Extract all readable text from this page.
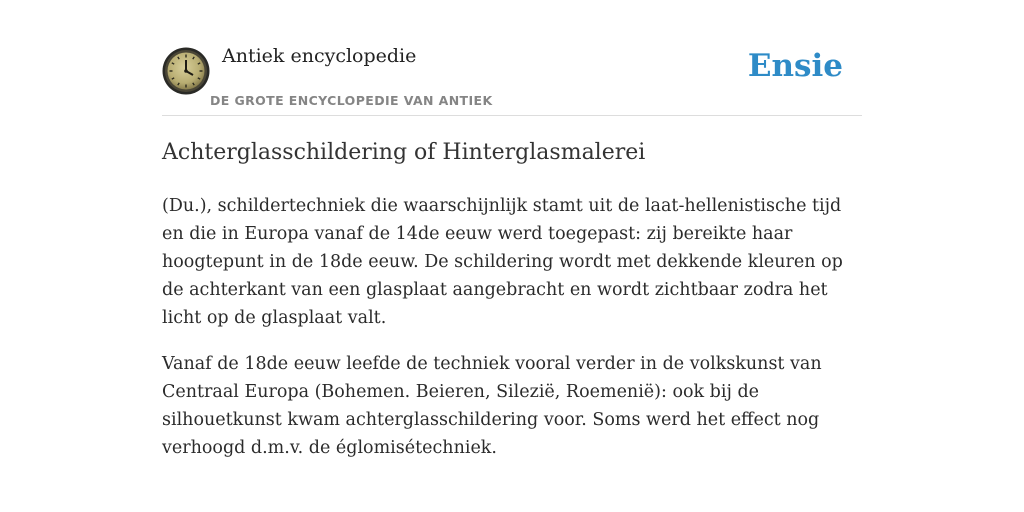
Antiek encyclopedie
DE GROTE ENCYCLOPEDIE VAN ANTIEK
Ensie
Achterglasschildering of Hinterglasmalerei

(Du.), schildertechniek die waarschijnlijk stamt uit de laat-hellenistische tijd en die in Europa vanaf de 14de eeuw werd toegepast: zij bereikte haar hoogtepunt in de 18de eeuw. De schildering wordt met dekkende kleuren op de achterkant van een glasplaat aangebracht en wordt zichtbaar zodra het licht op de glasplaat valt.

Vanaf de 18de eeuw leefde de techniek vooral verder in de volkskunst van Centraal Europa (Bohemen. Beieren, Silezië, Roemenië): ook bij de silhouetkunst kwam achterglasschildering voor. Soms werd het effect nog verhoogd d.m.v. de églomisétechniek.
